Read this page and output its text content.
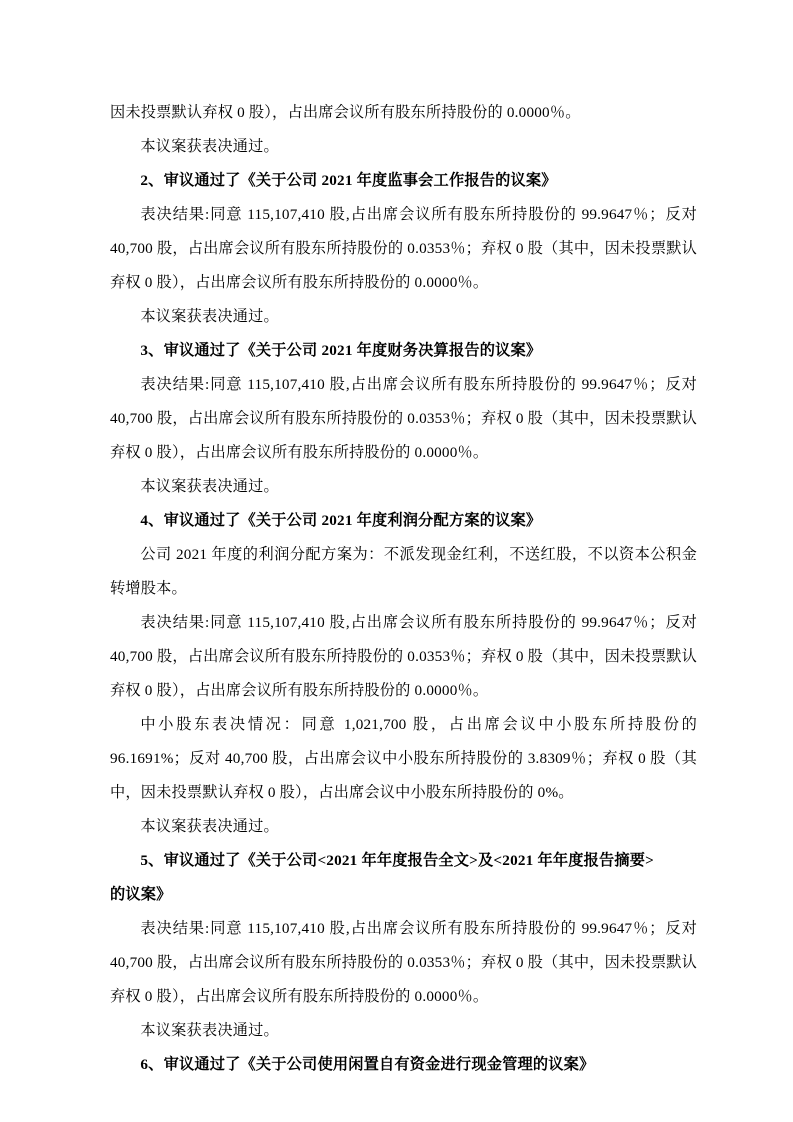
因未投票默认弃权 0 股），占出席会议所有股东所持股份的 0.0000％。

本议案获表决通过。

2、审议通过了《关于公司 2021 年度监事会工作报告的议案》

表决结果:同意 115,107,410 股,占出席会议所有股东所持股份的 99.9647％；反对 40,700 股，占出席会议所有股东所持股份的 0.0353％；弃权 0 股（其中，因未投票默认弃权 0 股），占出席会议所有股东所持股份的 0.0000％。

本议案获表决通过。

3、审议通过了《关于公司 2021 年度财务决算报告的议案》

表决结果:同意 115,107,410 股,占出席会议所有股东所持股份的 99.9647％；反对 40,700 股，占出席会议所有股东所持股份的 0.0353％；弃权 0 股（其中，因未投票默认弃权 0 股），占出席会议所有股东所持股份的 0.0000％。

本议案获表决通过。

4、审议通过了《关于公司 2021 年度利润分配方案的议案》

公司 2021 年度的利润分配方案为：不派发现金红利，不送红股，不以资本公积金转增股本。

表决结果:同意 115,107,410 股,占出席会议所有股东所持股份的 99.9647％；反对 40,700 股，占出席会议所有股东所持股份的 0.0353％；弃权 0 股（其中，因未投票默认弃权 0 股），占出席会议所有股东所持股份的 0.0000％。

中小股东表决情况：同意 1,021,700 股，占出席会议中小股东所持股份的 96.1691%；反对 40,700 股，占出席会议中小股东所持股份的 3.8309％；弃权 0 股（其中，因未投票默认弃权 0 股），占出席会议中小股东所持股份的 0%。

本议案获表决通过。

5、审议通过了《关于公司<2021 年年度报告全文>及<2021 年年度报告摘要>

的议案》

表决结果:同意 115,107,410 股,占出席会议所有股东所持股份的 99.9647％；反对 40,700 股，占出席会议所有股东所持股份的 0.0353％；弃权 0 股（其中，因未投票默认弃权 0 股），占出席会议所有股东所持股份的 0.0000％。

本议案获表决通过。

6、审议通过了《关于公司使用闲置自有资金进行现金管理的议案》
